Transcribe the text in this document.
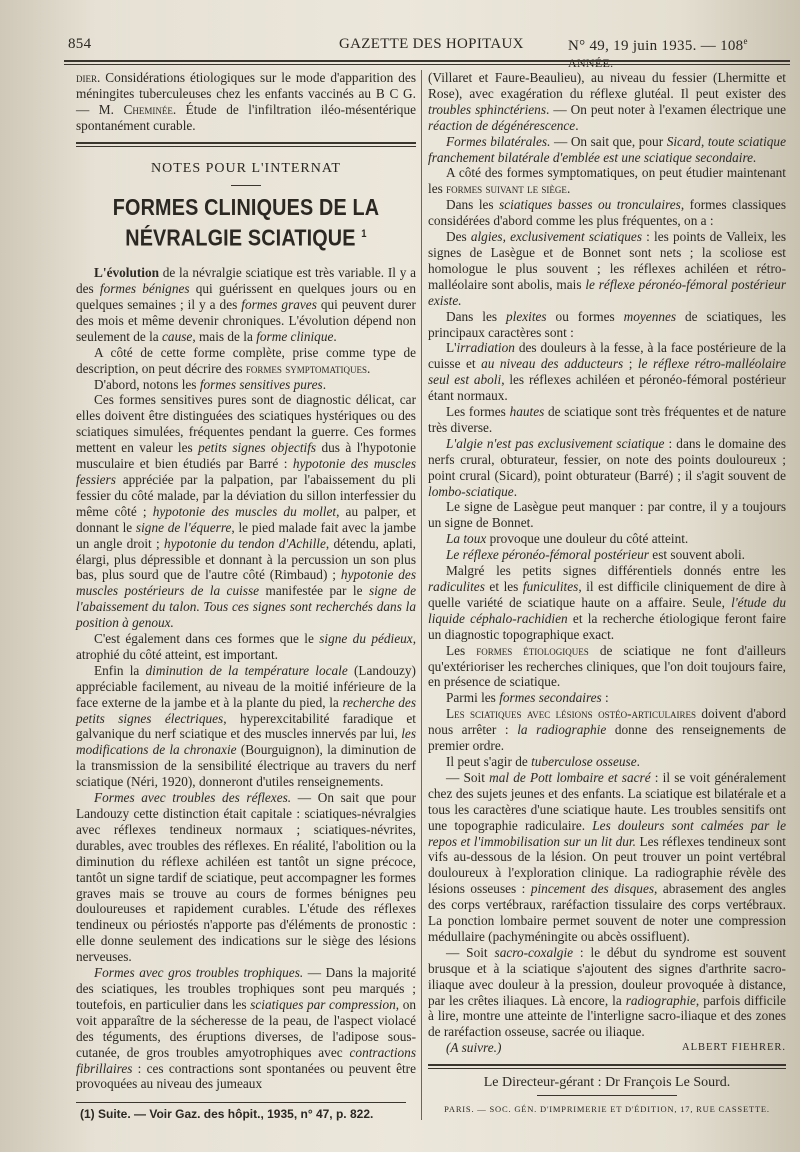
854	GAZETTE DES HOPITAUX	N° 49, 19 juin 1935. — 108e ANNÉE.

dier. Considérations étiologiques sur le mode d'apparition des méningites tuberculeuses chez les enfants vaccinés au B C G. — M. Cheminée. Étude de l'infiltration iléo-mésentérique spontanément curable.

NOTES POUR L'INTERNAT
FORMES CLINIQUES DE LA NÉVRALGIE SCIATIQUE $^1$

L'évolution de la névralgie sciatique est très variable. Il y a des formes bénignes qui guérissent en quelques jours ou en quelques semaines ; il y a des formes graves qui peuvent durer des mois et même devenir chroniques. L'évolution dépend non seulement de la cause, mais de la forme clinique.

A côté de cette forme complète, prise comme type de description, on peut décrire des formes symptomatiques.

D'abord, notons les formes sensitives pures.

Ces formes sensitives pures sont de diagnostic délicat, car elles doivent être distinguées des sciatiques hystériques ou des sciatiques simulées, fréquentes pendant la guerre. Ces formes mettent en valeur les petits signes objectifs dus à l'hypotonie musculaire et bien étudiés par Barré : hypotonie des muscles fessiers appréciée par la palpation, par l'abaissement du pli fessier du côté malade, par la déviation du sillon interfessier du même côté ; hypotonie des muscles du mollet, au palper, et donnant le signe de l'équerre, le pied malade fait avec la jambe un angle droit ; hypotonie du tendon d'Achille, détendu, aplati, élargi, plus dépressible et donnant à la percussion un son plus bas, plus sourd que de l'autre côté (Rimbaud) ; hypotonie des muscles postérieurs de la cuisse manifestée par le signe de l'abaissement du talon. Tous ces signes sont recherchés dans la position à genoux.

C'est également dans ces formes que le signe du pédieux, atrophié du côté atteint, est important.

Enfin la diminution de la température locale (Landouzy) appréciable facilement, au niveau de la moitié inférieure de la face externe de la jambe et à la plante du pied, la recherche des petits signes électriques, hyperexcitabilité faradique et galvanique du nerf sciatique et des muscles innervés par lui, les modifications de la chronaxie (Bourguignon), la diminution de la transmission de la sensibilité électrique au travers du nerf sciatique (Néri, 1920), donneront d'utiles renseignements.

Formes avec troubles des réflexes. — On sait que pour Landouzy cette distinction était capitale : sciatiques-névralgies avec réflexes tendineux normaux ; sciatiques-névrites, durables, avec troubles des réflexes. En réalité, l'abolition ou la diminution du réflexe achiléen est tantôt un signe précoce, tantôt un signe tardif de sciatique, peut accompagner les formes graves mais se trouve au cours de formes bénignes peu douloureuses et rapidement curables. L'étude des réflexes tendineux ou périostés n'apporte pas d'éléments de pronostic : elle donne seulement des indications sur le siège des lésions nerveuses.

Formes avec gros troubles trophiques. — Dans la majorité des sciatiques, les troubles trophiques sont peu marqués ; toutefois, en particulier dans les sciatiques par compression, on voit apparaître de la sécheresse de la peau, de l'aspect violacé des téguments, des éruptions diverses, de l'adipose sous-cutanée, de gros troubles amyotrophiques avec contractions fibrillaires : ces contractions sont spontanées ou peuvent être provoquées au niveau des jumeaux

(1) Suite. — Voir Gaz. des hôpit., 1935, n° 47, p. 822.

(Villaret et Faure-Beaulieu), au niveau du fessier (Lhermitte et Rose), avec exagération du réflexe glutéal. Il peut exister des troubles sphinctériens. — On peut noter à l'examen électrique une réaction de dégénérescence.

Formes bilatérales. — On sait que, pour Sicard, toute sciatique franchement bilatérale d'emblée est une sciatique secondaire.

A côté des formes symptomatiques, on peut étudier maintenant les formes suivant le siège.

Dans les sciatiques basses ou tronculaires, formes classiques considérées d'abord comme les plus fréquentes, on a :

Des algies, exclusivement sciatiques : les points de Valleix, les signes de Lasègue et de Bonnet sont nets ; la scoliose est homologue le plus souvent ; les réflexes achiléen et rétro-malléolaire sont abolis, mais le réflexe péronéo-fémoral postérieur existe.

Dans les plexites ou formes moyennes de sciatiques, les principaux caractères sont :

L'irradiation des douleurs à la fesse, à la face postérieure de la cuisse et au niveau des adducteurs ; le réflexe rétro-malléolaire seul est aboli, les réflexes achiléen et péronéo-fémoral postérieur étant normaux.

Les formes hautes de sciatique sont très fréquentes et de nature très diverse.

L'algie n'est pas exclusivement sciatique : dans le domaine des nerfs crural, obturateur, fessier, on note des points douloureux ; point crural (Sicard), point obturateur (Barré) ; il s'agit souvent de lombo-sciatique.

Le signe de Lasègue peut manquer : par contre, il y a toujours un signe de Bonnet.

La toux provoque une douleur du côté atteint.

Le réflexe péronéo-fémoral postérieur est souvent aboli.

Malgré les petits signes différentiels donnés entre les radiculites et les funiculites, il est difficile cliniquement de dire à quelle variété de sciatique haute on a affaire. Seule, l'étude du liquide céphalo-rachidien et la recherche étiologique feront faire un diagnostic topographique exact.

Les formes étiologiques de sciatique ne font d'ailleurs qu'extérioriser les recherches cliniques, que l'on doit toujours faire, en présence de sciatique.

Parmi les formes secondaires :

Les sciatiques avec lésions ostéo-articulaires doivent d'abord nous arrêter : la radiographie donne des renseignements de premier ordre.

Il peut s'agir de tuberculose osseuse.

— Soit mal de Pott lombaire et sacré : il se voit généralement chez des sujets jeunes et des enfants. La sciatique est bilatérale et a tous les caractères d'une sciatique haute. Les troubles sensitifs ont une topographie radiculaire. Les douleurs sont calmées par le repos et l'immobilisation sur un lit dur. Les réflexes tendineux sont vifs au-dessous de la lésion. On peut trouver un point vertébral douloureux à l'exploration clinique. La radiographie révèle des lésions osseuses : pincement des disques, abrasement des angles des corps vertébraux, raréfaction tissulaire des corps vertébraux. La ponction lombaire permet souvent de noter une compression médullaire (pachyméningite ou abcès ossifluent).

— Soit sacro-coxalgie : le début du syndrome est souvent brusque et à la sciatique s'ajoutent des signes d'arthrite sacro-iliaque avec douleur à la pression, douleur provoquée à distance, par les crêtes iliaques. Là encore, la radiographie, parfois difficile à lire, montre une atteinte de l'interligne sacro-iliaque et des zones de raréfaction osseuse, sacrée ou iliaque.

(A suivre.)	ALBERT FIEHRER.
Le Directeur-gérant : Dr François Le Sourd.
PARIS. — SOC. GÉN. D'IMPRIMERIE ET D'ÉDITION, 17, RUE CASSETTE.
